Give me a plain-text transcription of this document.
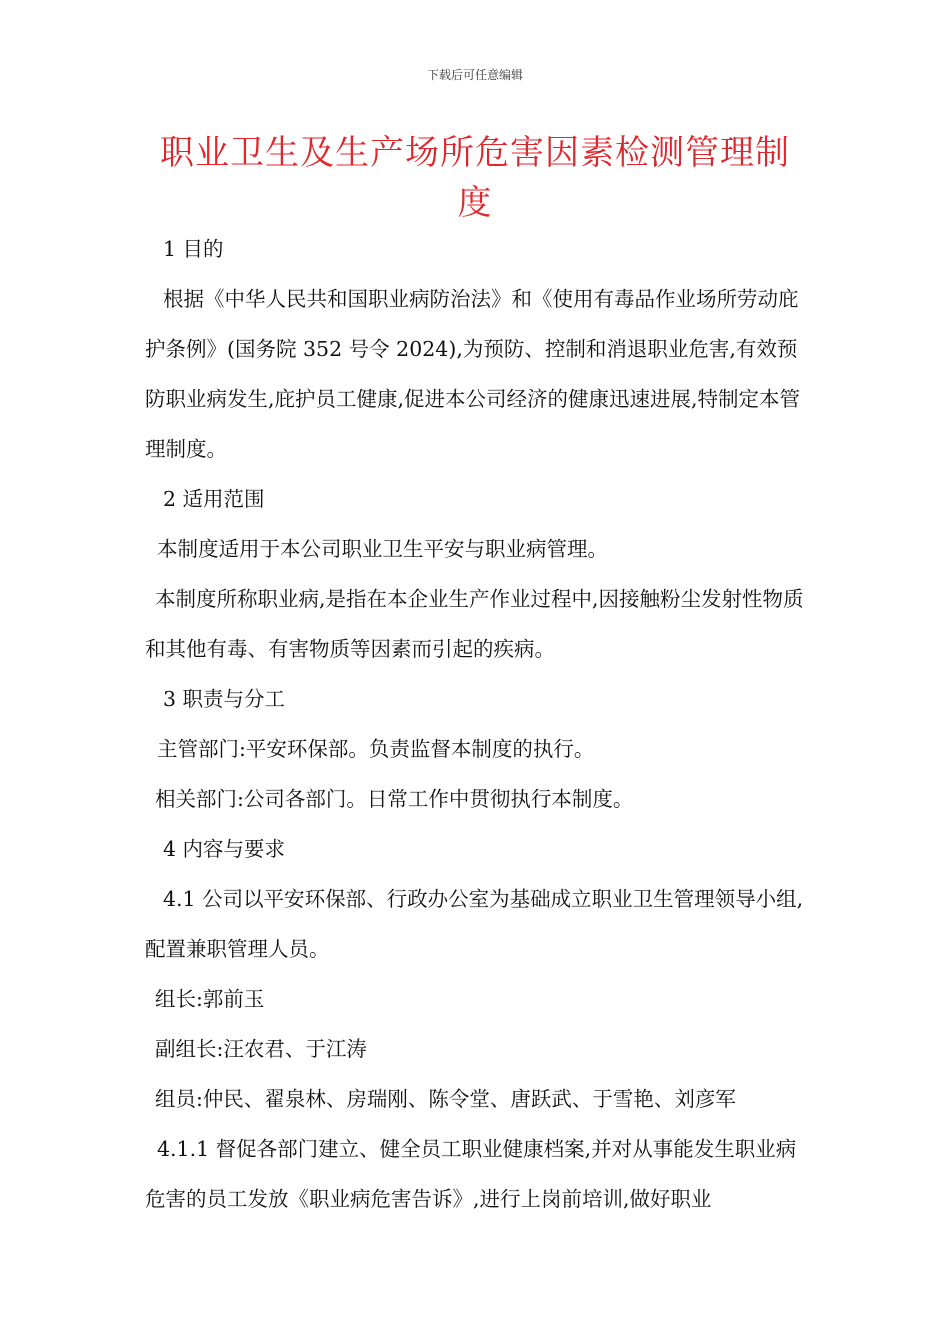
下载后可任意编辑
职业卫生及生产场所危害因素检测管理制度

1 目的

根据《中华人民共和国职业病防治法》和《使用有毒品作业场所劳动庇护条例》(国务院 352 号令 2024),为预防、控制和消退职业危害,有效预防职业病发生,庇护员工健康,促进本公司经济的健康迅速进展,特制定本管理制度。

2 适用范围

本制度适用于本公司职业卫生平安与职业病管理。

本制度所称职业病,是指在本企业生产作业过程中,因接触粉尘发射性物质和其他有毒、有害物质等因素而引起的疾病。

3 职责与分工

主管部门:平安环保部。负责监督本制度的执行。

相关部门:公司各部门。日常工作中贯彻执行本制度。

4 内容与要求

4.1 公司以平安环保部、行政办公室为基础成立职业卫生管理领导小组,配置兼职管理人员。

组长:郭前玉

副组长:汪农君、于江涛

组员:仲民、翟泉林、房瑞刚、陈令堂、唐跃武、于雪艳、刘彦军

4.1.1 督促各部门建立、健全员工职业健康档案,并对从事能发生职业病危害的员工发放《职业病危害告诉》,进行上岗前培训,做好职业
